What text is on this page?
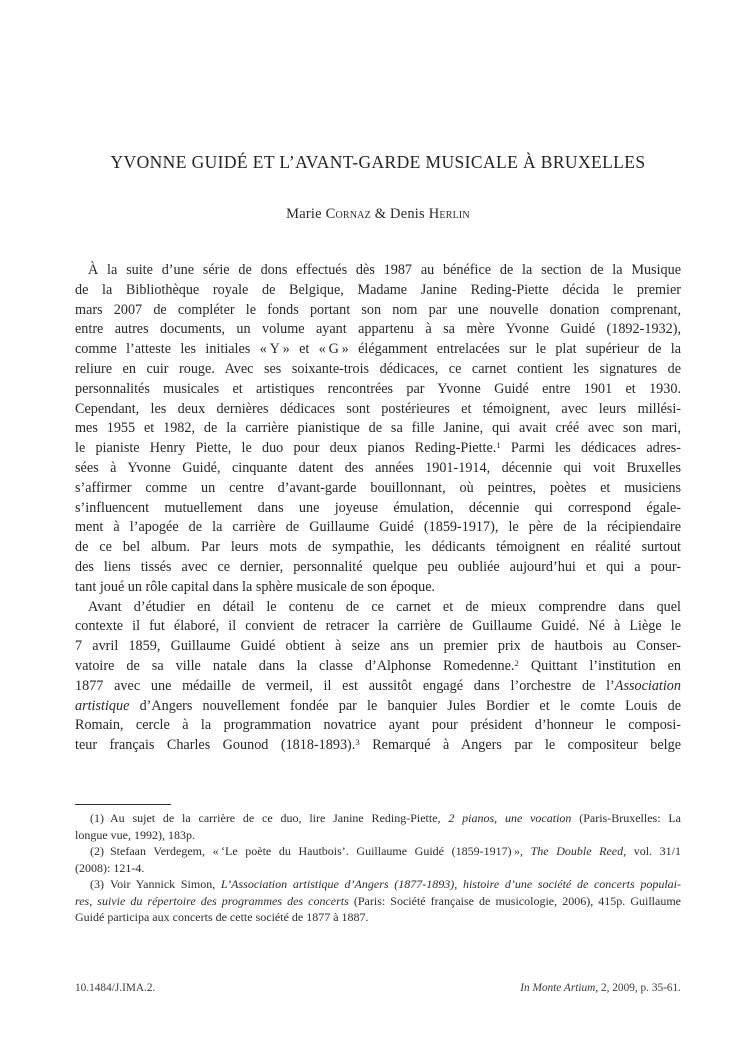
YVONNE GUIDÉ ET L’AVANT-GARDE MUSICALE À BRUXELLES
Marie Cornaz & Denis Herlin
À la suite d’une série de dons effectués dès 1987 au bénéfice de la section de la Musique
de la Bibliothèque royale de Belgique, Madame Janine Reding-Piette décida le premier
mars 2007 de compléter le fonds portant son nom par une nouvelle donation comprenant,
entre autres documents, un volume ayant appartenu à sa mère Yvonne Guidé (1892-1932),
comme l’atteste les initiales « Y » et « G » élégamment entrelacées sur le plat supérieur de la
reliure en cuir rouge. Avec ses soixante-trois dédicaces, ce carnet contient les signatures de
personnalités musicales et artistiques rencontrées par Yvonne Guidé entre 1901 et 1930.
Cependant, les deux dernières dédicaces sont postérieures et témoignent, avec leurs millési-
mes 1955 et 1982, de la carrière pianistique de sa fille Janine, qui avait créé avec son mari,
le pianiste Henry Piette, le duo pour deux pianos Reding-Piette.$^1$ Parmi les dédicaces adres-
sées à Yvonne Guidé, cinquante datent des années 1901-1914, décennie qui voit Bruxelles
s’affirmer comme un centre d’avant-garde bouillonnant, où peintres, poètes et musiciens
s’influencent mutuellement dans une joyeuse émulation, décennie qui correspond égale-
ment à l’apogée de la carrière de Guillaume Guidé (1859-1917), le père de la récipiendaire
de ce bel album. Par leurs mots de sympathie, les dédicants témoignent en réalité surtout
des liens tissés avec ce dernier, personnalité quelque peu oubliée aujourd’hui et qui a pour-
tant joué un rôle capital dans la sphère musicale de son époque.
Avant d’étudier en détail le contenu de ce carnet et de mieux comprendre dans quel
contexte il fut élaboré, il convient de retracer la carrière de Guillaume Guidé. Né à Liège le
7 avril 1859, Guillaume Guidé obtient à seize ans un premier prix de hautbois au Conser-
vatoire de sa ville natale dans la classe d’Alphonse Romedenne.$^2$ Quittant l’institution en
1877 avec une médaille de vermeil, il est aussitôt engagé dans l’orchestre de l’Association
artistique d’Angers nouvellement fondée par le banquier Jules Bordier et le comte Louis de
Romain, cercle à la programmation novatrice ayant pour président d’honneur le composi-
teur français Charles Gounod (1818-1893).$^3$ Remarqué à Angers par le compositeur belge
(1) Au sujet de la carrière de ce duo, lire Janine Reding-Piette, 2 pianos, une vocation (Paris-Bruxelles: La
longue vue, 1992), 183p.
(2) Stefaan Verdegem, « ‘Le poète du Hautbois’. Guillaume Guidé (1859-1917) », The Double Reed, vol. 31/1
(2008): 121-4.
(3) Voir Yannick Simon, L’Association artistique d’Angers (1877-1893), histoire d’une société de concerts populai-
res, suivie du répertoire des programmes des concerts (Paris: Société française de musicologie, 2006), 415p. Guillaume
Guidé participa aux concerts de cette société de 1877 à 1887.
10.1484/J.IMA.2.	In Monte Artium, 2, 2009, p. 35-61.
